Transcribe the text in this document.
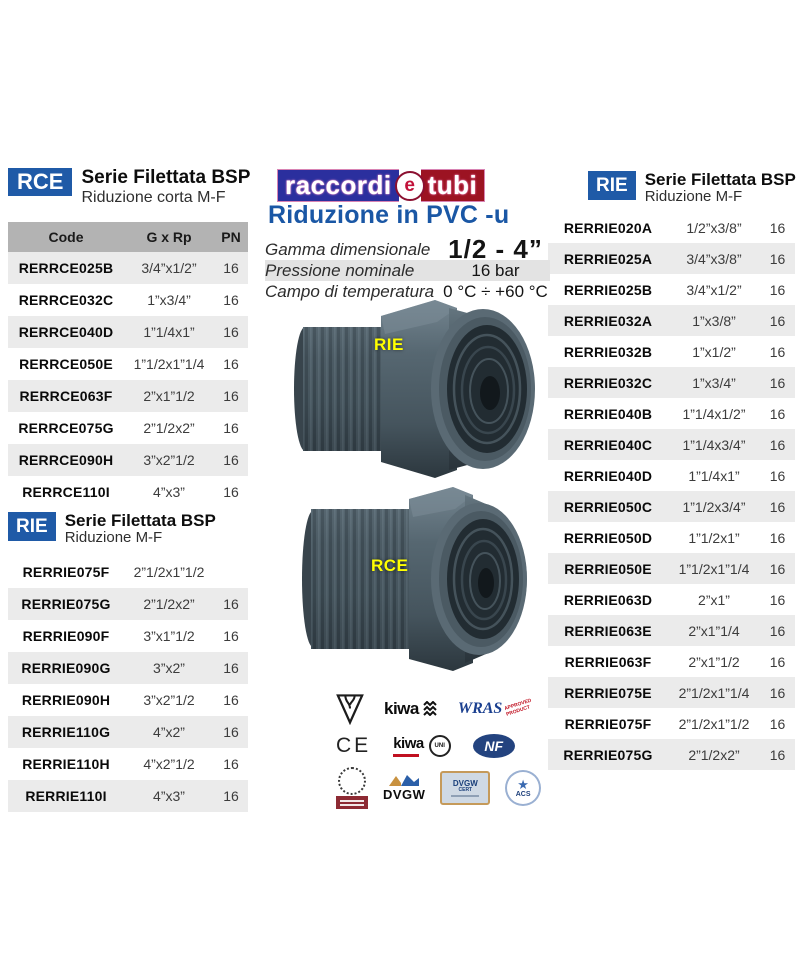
RCE Serie Filettata BSP
Riduzione corta M-F
Code	G x Rp	PN
RERRCE025B	3/4”x1/2”	16
RERRCE032C	1”x3/4”	16
RERRCE040D	1”1/4x1”	16
RERRCE050E	1”1/2x1”1/4	16
RERRCE063F	2”x1”1/2	16
RERRCE075G	2”1/2x2”	16
RERRCE090H	3”x2”1/2	16
RERRCE110I	4”x3”	16
RIE	Serie Filettata BSP
Riduzione M-F
RERRIE075F	2”1/2x1”1/2
RERRIE075G	2”1/2x2”	16
RERRIE090F	3”x1”1/2	16
RERRIE090G	3”x2”	16
RERRIE090H	3”x2”1/2	16
RERRIE110G	4”x2”	16
RERRIE110H	4”x2”1/2	16
RERRIE110I	4”x3”	16
RIE	Serie Filettata BSP
Riduzione M-F
RERRIE020A	1/2”x3/8”	16
RERRIE025A	3/4”x3/8”	16
RERRIE025B	3/4”x1/2”	16
RERRIE032A	1”x3/8”	16
RERRIE032B	1”x1/2”	16
RERRIE032C	1”x3/4”	16
RERRIE040B	1”1/4x1/2”	16
RERRIE040C	1”1/4x3/4”	16
RERRIE040D	1”1/4x1”	16
RERRIE050C	1”1/2x3/4”	16
RERRIE050D	1”1/2x1”	16
RERRIE050E	1”1/2x1”1/4	16
RERRIE063D	2”x1”	16
RERRIE063E	2”x1”1/4	16
RERRIE063F	2”x1”1/2	16
RERRIE075E	2”1/2x1”1/4	16
RERRIE075F	2”1/2x1”1/2	16
RERRIE075G	2”1/2x2”	16
raccordi e tubi
Riduzione in PVC -u
Gamma dimensionale 1/2 - 4”
Pressione nominale	16 bar
Campo di temperatura 0 °C ÷ +60 °C
RIE
RCE
kiwa WRAS APPROVED PRODUCT
CE kiwa	UNI	NF
DVGW
DVGW
CERT	★
ACS
